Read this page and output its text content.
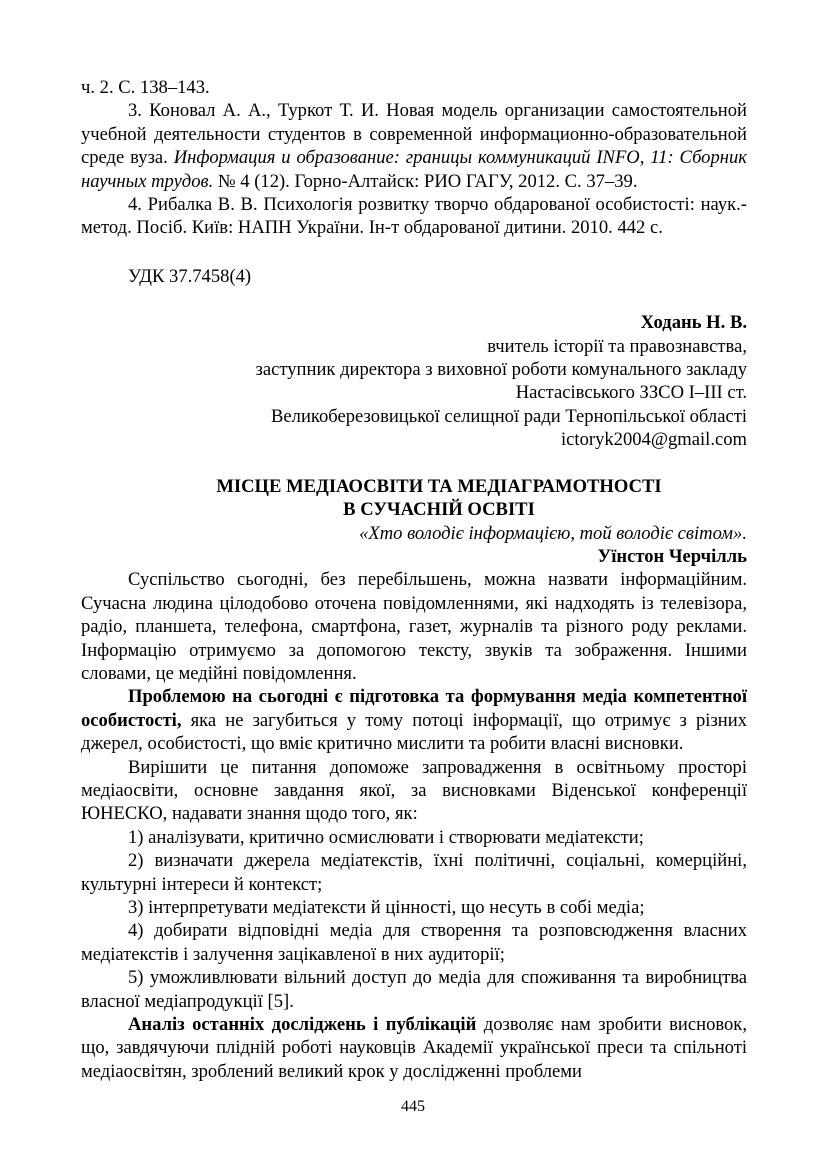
ч. 2. С. 138–143.

3. Коновал А. А., Туркот Т. И. Новая модель организации самостоятельной учебной деятельности студентов в современной информационно-образовательной среде вуза. Информация и образование: границы коммуникаций INFO, 11: Сборник научных трудов. № 4 (12). Горно-Алтайск: РИО ГАГУ, 2012. С. 37–39.

4. Рибалка В. В. Психологія розвитку творчо обдарованої особистості: наук.-метод. Посіб. Київ: НАПН України. Ін-т обдарованої дитини. 2010. 442 с.

УДК 37.7458(4)

Ходань Н. В.

вчитель історії та правознавства,

заступник директора з виховної роботи комунального закладу

Настасівського ЗЗСО І–ІІІ ст.

Великоберезовицької селищної ради Тернопільської області

ictoryk2004@gmail.com

МІСЦЕ МЕДІАОСВІТИ ТА МЕДІАГРАМОТНОСТІ

В СУЧАСНІЙ ОСВІТІ

«Хто володіє інформацією, той володіє світом».

Уїнстон Черчілль

Суспільство сьогодні, без перебільшень, можна назвати інформаційним. Сучасна людина цілодобово оточена повідомленнями, які надходять із телевізора, радіо, планшета, телефона, смартфона, газет, журналів та різного роду реклами. Інформацію отримуємо за допомогою тексту, звуків та зображення. Іншими словами, це медійні повідомлення.

Проблемою на сьогодні є підготовка та формування медіа компетентної особистості, яка не загубиться у тому потоці інформації, що отримує з різних джерел, особистості, що вміє критично мислити та робити власні висновки.

Вирішити це питання допоможе запровадження в освітньому просторі медіаосвіти, основне завдання якої, за висновками Віденської конференції ЮНЕСКО, надавати знання щодо того, як:

1) аналізувати, критично осмислювати і створювати медіатексти;

2) визначати джерела медіатекстів, їхні політичні, соціальні, комерційні, культурні інтереси й контекст;

3) інтерпретувати медіатексти й цінності, що несуть в собі медіа;

4) добирати відповідні медіа для створення та розповсюдження власних медіатекстів і залучення зацікавленої в них аудиторії;

5) уможливлювати вільний доступ до медіа для споживання та виробництва власної медіапродукції [5].

Аналіз останніх досліджень і публікацій дозволяє нам зробити висновок, що, завдячуючи плідній роботі науковців Академії української преси та спільноті медіаосвітян, зроблений великий крок у дослідженні проблеми

445
